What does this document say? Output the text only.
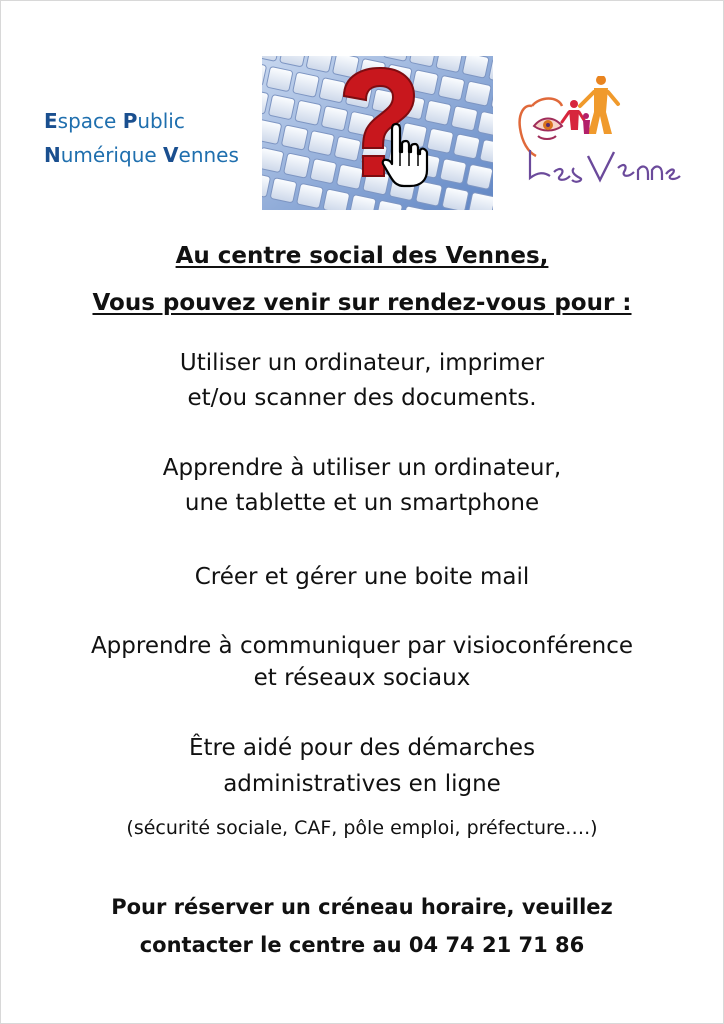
Espace Public
Numérique Vennes
Au centre social des Vennes,
Vous pouvez venir sur rendez-vous pour :
Utiliser un ordinateur, imprimer
et/ou scanner des documents.
Apprendre à utiliser un ordinateur,
une tablette et un smartphone
Créer et gérer une boite mail
Apprendre à communiquer par visioconférence
et réseaux sociaux
Être aidé pour des démarches
administratives en ligne
(sécurité sociale, CAF, pôle emploi, préfecture….)
Pour réserver un créneau horaire, veuillez
contacter le centre au 04 74 21 71 86
